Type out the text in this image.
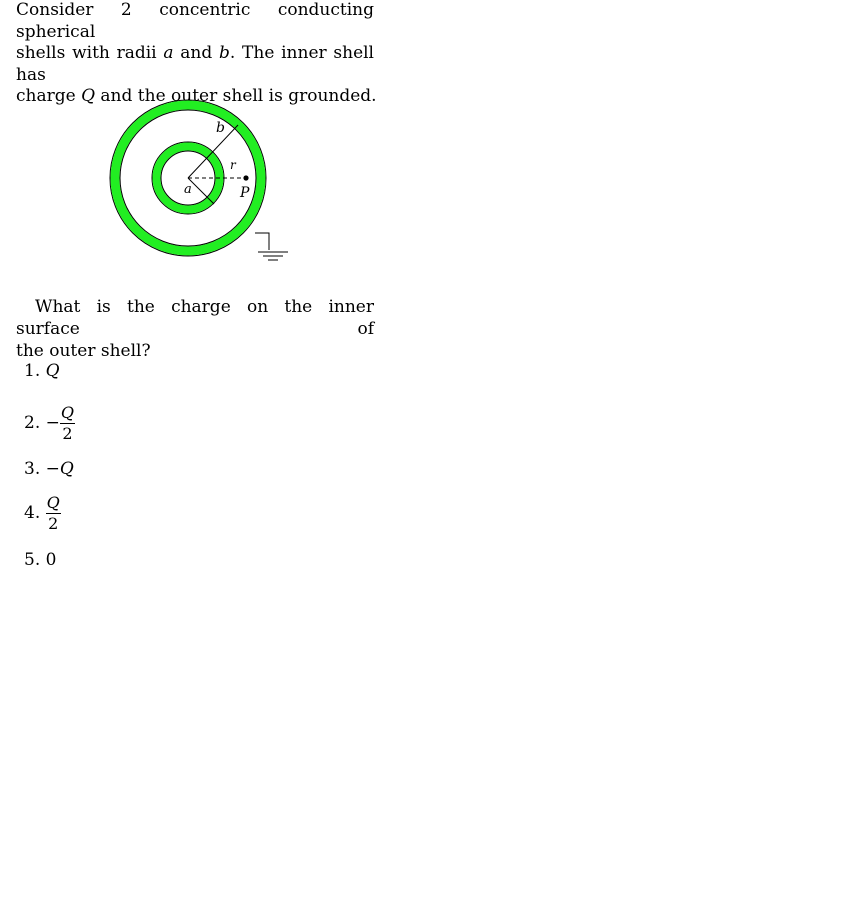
Consider 2 concentric conducting spherical
shells with radii a and b. The inner shell has
charge Q and the outer shell is grounded.
b
r
a	P
What is the charge on the inner surface of
the outer shell?
1. Q
2. − $\frac{Q}{2}$
3. −Q
4. $\frac{Q}{2}$
5. 0
